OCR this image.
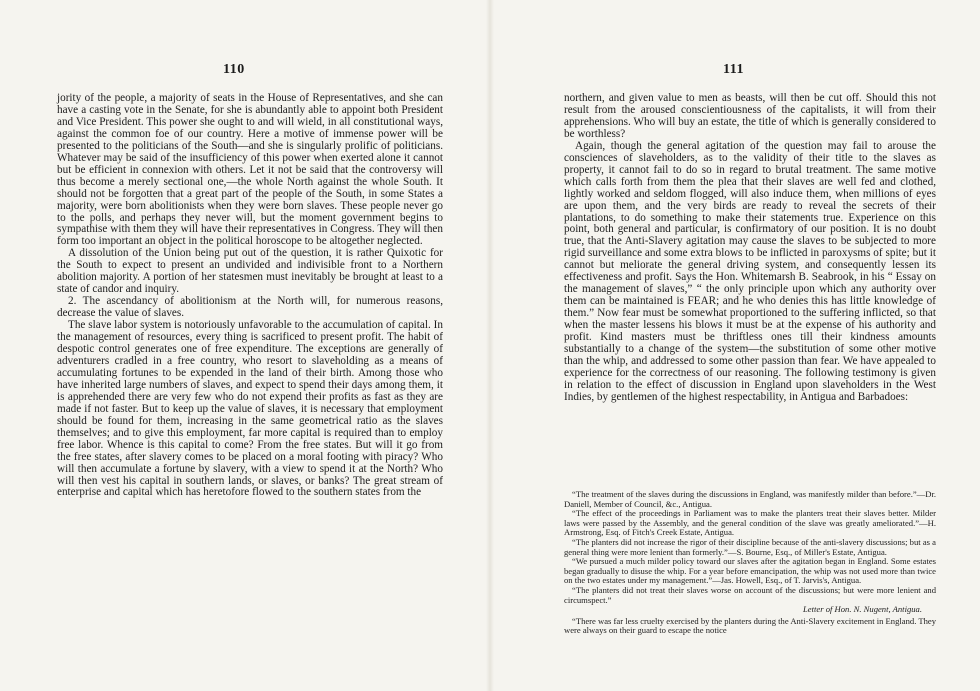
110

jority of the people, a majority of seats in the House of Representatives, and she can have a casting vote in the Senate, for she is abundantly able to appoint both President and Vice President. This power she ought to and will wield, in all constitutional ways, against the common foe of our country. Here a motive of immense power will be presented to the politicians of the South—and she is singularly prolific of politicians. Whatever may be said of the insufficiency of this power when exerted alone it cannot but be efficient in connexion with others. Let it not be said that the controversy will thus become a merely sectional one,—the whole North against the whole South. It should not be forgotten that a great part of the people of the South, in some States a majority, were born abolitionists when they were born slaves. These people never go to the polls, and perhaps they never will, but the moment government begins to sympathise with them they will have their representatives in Congress. They will then form too important an object in the political horoscope to be altogether neglected.

A dissolution of the Union being put out of the question, it is rather Quixotic for the South to expect to present an undivided and indivisible front to a Northern abolition majority. A portion of her statesmen must inevitably be brought at least to a state of candor and inquiry.

2. The ascendancy of abolitionism at the North will, for numerous reasons, decrease the value of slaves.

The slave labor system is notoriously unfavorable to the accumulation of capital. In the management of resources, every thing is sacrificed to present profit. The habit of despotic control generates one of free expenditure. The exceptions are generally of adventurers cradled in a free country, who resort to slaveholding as a means of accumulating fortunes to be expended in the land of their birth. Among those who have inherited large numbers of slaves, and expect to spend their days among them, it is apprehended there are very few who do not expend their profits as fast as they are made if not faster. But to keep up the value of slaves, it is necessary that employment should be found for them, increasing in the same geometrical ratio as the slaves themselves; and to give this employment, far more capital is required than to employ free labor. Whence is this capital to come? From the free states. But will it go from the free states, after slavery comes to be placed on a moral footing with piracy? Who will then accumulate a fortune by slavery, with a view to spend it at the North? Who will then vest his capital in southern lands, or slaves, or banks? The great stream of enterprise and capital which has heretofore flowed to the southern states from the

111

northern, and given value to men as beasts, will then be cut off. Should this not result from the aroused conscientiousness of the capitalists, it will from their apprehensions. Who will buy an estate, the title of which is generally considered to be worthless?

Again, though the general agitation of the question may fail to arouse the consciences of slaveholders, as to the validity of their title to the slaves as property, it cannot fail to do so in regard to brutal treatment. The same motive which calls forth from them the plea that their slaves are well fed and clothed, lightly worked and seldom flogged, will also induce them, when millions of eyes are upon them, and the very birds are ready to reveal the secrets of their plantations, to do something to make their statements true. Experience on this point, both general and particular, is confirmatory of our position. It is no doubt true, that the Anti-Slavery agitation may cause the slaves to be subjected to more rigid surveillance and some extra blows to be inflicted in paroxysms of spite; but it cannot but meliorate the general driving system, and consequently lessen its effectiveness and profit. Says the Hon. Whitemarsh B. Seabrook, in his “ Essay on the management of slaves,” “ the only principle upon which any authority over them can be maintained is FEAR; and he who denies this has little knowledge of them.” Now fear must be somewhat proportioned to the suffering inflicted, so that when the master lessens his blows it must be at the expense of his authority and profit. Kind masters must be thriftless ones till their kindness amounts substantially to a change of the system—the substitution of some other motive than the whip, and addressed to some other passion than fear. We have appealed to experience for the correctness of our reasoning. The following testimony is given in relation to the effect of discussion in England upon slaveholders in the West Indies, by gentlemen of the highest respectability, in Antigua and Barbadoes:

“The treatment of the slaves during the discussions in England, was manifestly milder than before.”—Dr. Daniell, Member of Council, &c., Antigua.

“The effect of the proceedings in Parliament was to make the planters treat their slaves better. Milder laws were passed by the Assembly, and the general condition of the slave was greatly ameliorated.”—H. Armstrong, Esq. of Fitch's Creek Estate, Antigua.

“The planters did not increase the rigor of their discipline because of the anti-slavery discussions; but as a general thing were more lenient than formerly.”—S. Bourne, Esq., of Miller's Estate, Antigua.

“We pursued a much milder policy toward our slaves after the agitation began in England. Some estates began gradually to disuse the whip. For a year before emancipation, the whip was not used more than twice on the two estates under my management.”—Jas. Howell, Esq., of T. Jarvis's, Antigua.

“The planters did not treat their slaves worse on account of the discussions; but were more lenient and circumspect.”

Letter of Hon. N. Nugent, Antigua.

“There was far less cruelty exercised by the planters during the Anti-Slavery excitement in England. They were always on their guard to escape the notice
